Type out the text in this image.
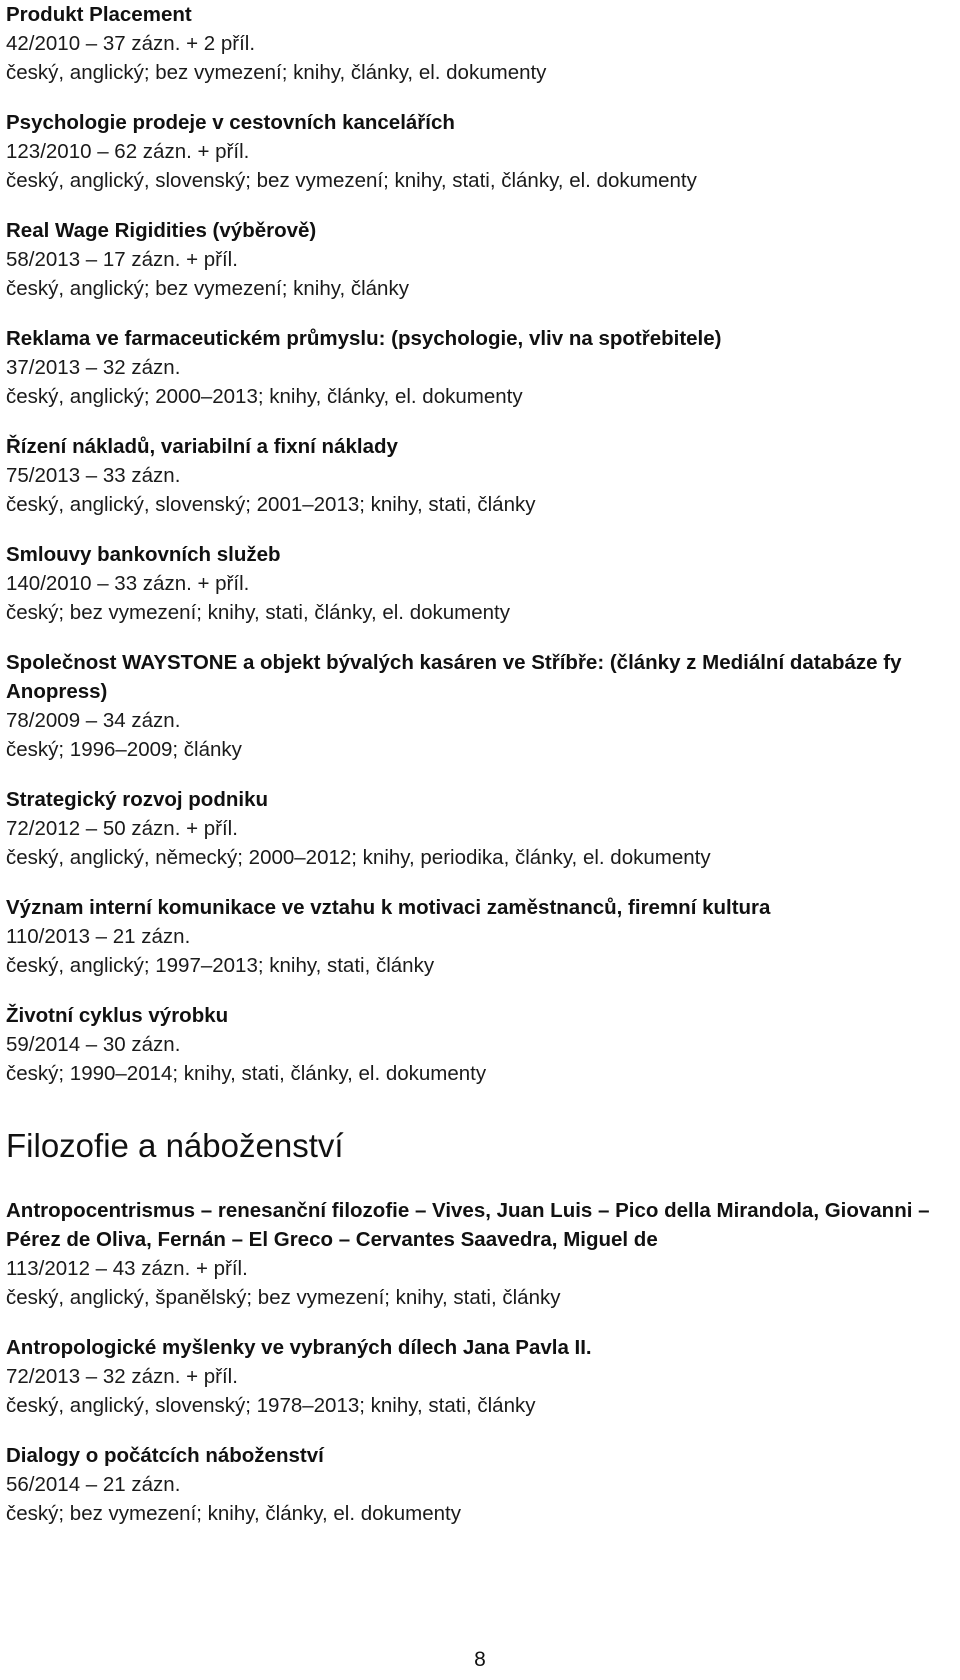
Produkt Placement
42/2010 – 37 zázn. + 2 příl.
český, anglický; bez vymezení; knihy, články, el. dokumenty
Psychologie prodeje v cestovních kancelářích
123/2010 – 62 zázn. + příl.
český, anglický, slovenský; bez vymezení; knihy, stati, články, el. dokumenty
Real Wage Rigidities (výběrově)
58/2013 – 17 zázn. + příl.
český, anglický; bez vymezení; knihy, články
Reklama ve farmaceutickém průmyslu: (psychologie, vliv na spotřebitele)
37/2013 – 32 zázn.
český, anglický; 2000–2013; knihy, články, el. dokumenty
Řízení nákladů, variabilní a fixní náklady
75/2013 – 33 zázn.
český, anglický, slovenský; 2001–2013; knihy, stati, články
Smlouvy bankovních služeb
140/2010 – 33 zázn. + příl.
český; bez vymezení; knihy, stati, články, el. dokumenty
Společnost WAYSTONE a objekt bývalých kasáren ve Stříbře: (články z Mediální databáze fy Anopress)
78/2009 – 34 zázn.
český; 1996–2009; články
Strategický rozvoj podniku
72/2012 – 50 zázn. + příl.
český, anglický, německý; 2000–2012; knihy, periodika, články, el. dokumenty
Význam interní komunikace ve vztahu k motivaci zaměstnanců, firemní kultura
110/2013 – 21 zázn.
český, anglický; 1997–2013; knihy, stati, články
Životní cyklus výrobku
59/2014 – 30 zázn.
český; 1990–2014; knihy, stati, články, el. dokumenty
Filozofie a náboženství
Antropocentrismus – renesanční filozofie – Vives, Juan Luis – Pico della Mirandola, Giovanni – Pérez de Oliva, Fernán – El Greco – Cervantes Saavedra, Miguel de
113/2012 – 43 zázn. + příl.
český, anglický, španělský; bez vymezení; knihy, stati, články
Antropologické myšlenky ve vybraných dílech Jana Pavla II.
72/2013 – 32 zázn. + příl.
český, anglický, slovenský; 1978–2013; knihy, stati, články
Dialogy o počátcích náboženství
56/2014 – 21 zázn.
český; bez vymezení; knihy, články, el. dokumenty
8
